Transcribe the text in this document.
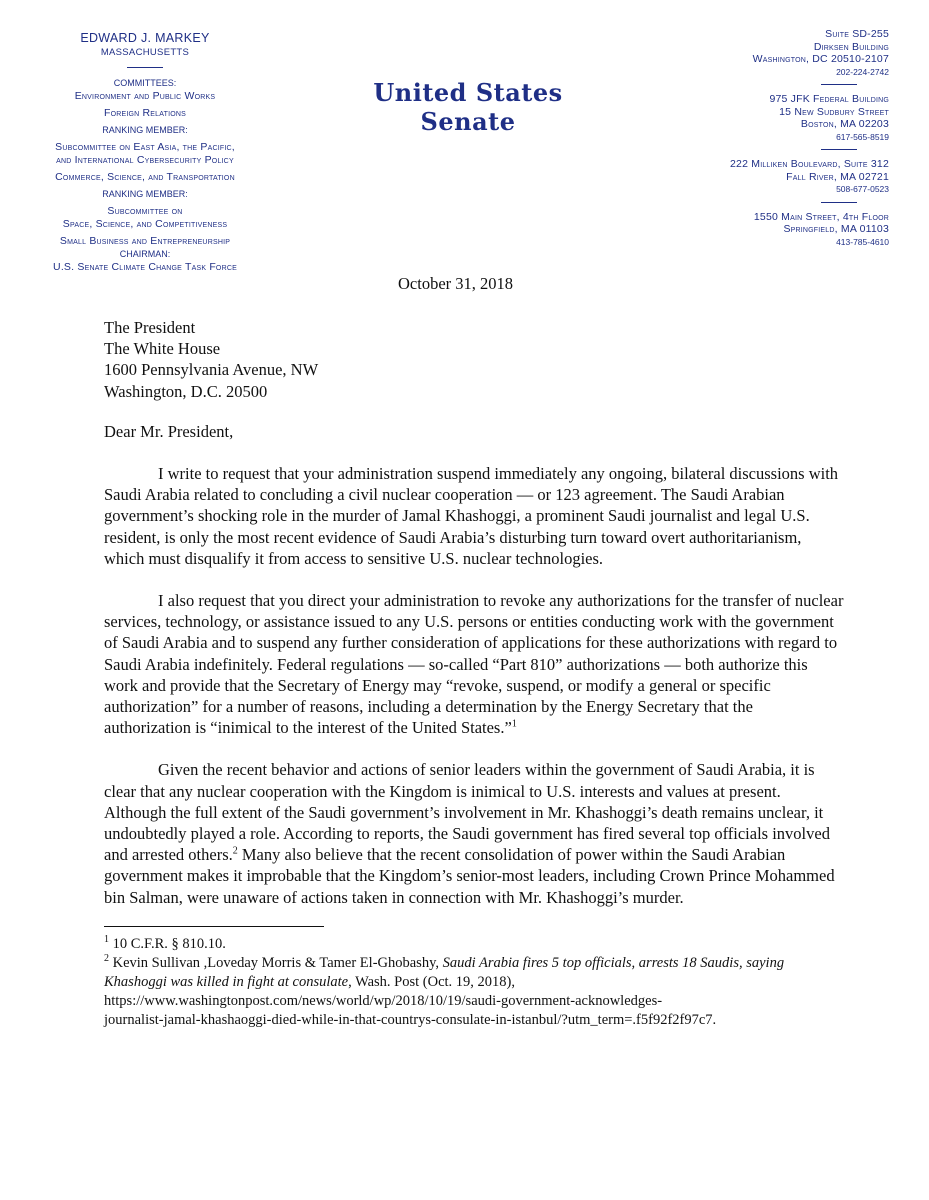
EDWARD J. MARKEY
MASSACHUSETTS
COMMITTEES:
Environment and Public Works
Foreign Relations
RANKING MEMBER:
Subcommittee on East Asia, the Pacific,
and International Cybersecurity Policy
Commerce, Science, and Transportation
RANKING MEMBER:
Subcommittee on
Space, Science, and Competitiveness
Small Business and Entrepreneurship
CHAIRMAN:
U.S. Senate Climate Change Task Force
United States Senate
Suite SD-255
Dirksen Building
Washington, DC 20510-2107
202-224-2742
975 JFK Federal Building
15 New Sudbury Street
Boston, MA 02203
617-565-8519
222 Milliken Boulevard, Suite 312
Fall River, MA 02721
508-677-0523
1550 Main Street, 4th Floor
Springfield, MA 01103
413-785-4610
October 31, 2018
The President
The White House
1600 Pennsylvania Avenue, NW
Washington, D.C. 20500

Dear Mr. President,

I write to request that your administration suspend immediately any ongoing, bilateral discussions with Saudi Arabia related to concluding a civil nuclear cooperation — or 123 agreement. The Saudi Arabian government’s shocking role in the murder of Jamal Khashoggi, a prominent Saudi journalist and legal U.S. resident, is only the most recent evidence of Saudi Arabia’s disturbing turn toward overt authoritarianism, which must disqualify it from access to sensitive U.S. nuclear technologies.

I also request that you direct your administration to revoke any authorizations for the transfer of nuclear services, technology, or assistance issued to any U.S. persons or entities conducting work with the government of Saudi Arabia and to suspend any further consideration of applications for these authorizations with regard to Saudi Arabia indefinitely. Federal regulations — so-called “Part 810” authorizations — both authorize this work and provide that the Secretary of Energy may “revoke, suspend, or modify a general or specific authorization” for a number of reasons, including a determination by the Energy Secretary that the authorization is “inimical to the interest of the United States.”$^1$

Given the recent behavior and actions of senior leaders within the government of Saudi Arabia, it is clear that any nuclear cooperation with the Kingdom is inimical to U.S. interests and values at present. Although the full extent of the Saudi government’s involvement in Mr. Khashoggi’s death remains unclear, it undoubtedly played a role. According to reports, the Saudi government has fired several top officials involved and arrested others.$^2$ Many also believe that the recent consolidation of power within the Saudi Arabian government makes it improbable that the Kingdom’s senior-most leaders, including Crown Prince Mohammed bin Salman, were unaware of actions taken in connection with Mr. Khashoggi’s murder.

$^1$ 10 C.F.R. § 810.10.
$^2$ Kevin Sullivan ,Loveday Morris & Tamer El-Ghobashy, Saudi Arabia fires 5 top officials, arrests 18 Saudis, saying Khashoggi was killed in fight at consulate, Wash. Post (Oct. 19, 2018),
https://www.washingtonpost.com/news/world/wp/2018/10/19/saudi-government-acknowledges-
journalist-jamal-khashaoggi-died-while-in-that-countrys-consulate-in-istanbul/?utm_term=.f5f92f2f97c7.
